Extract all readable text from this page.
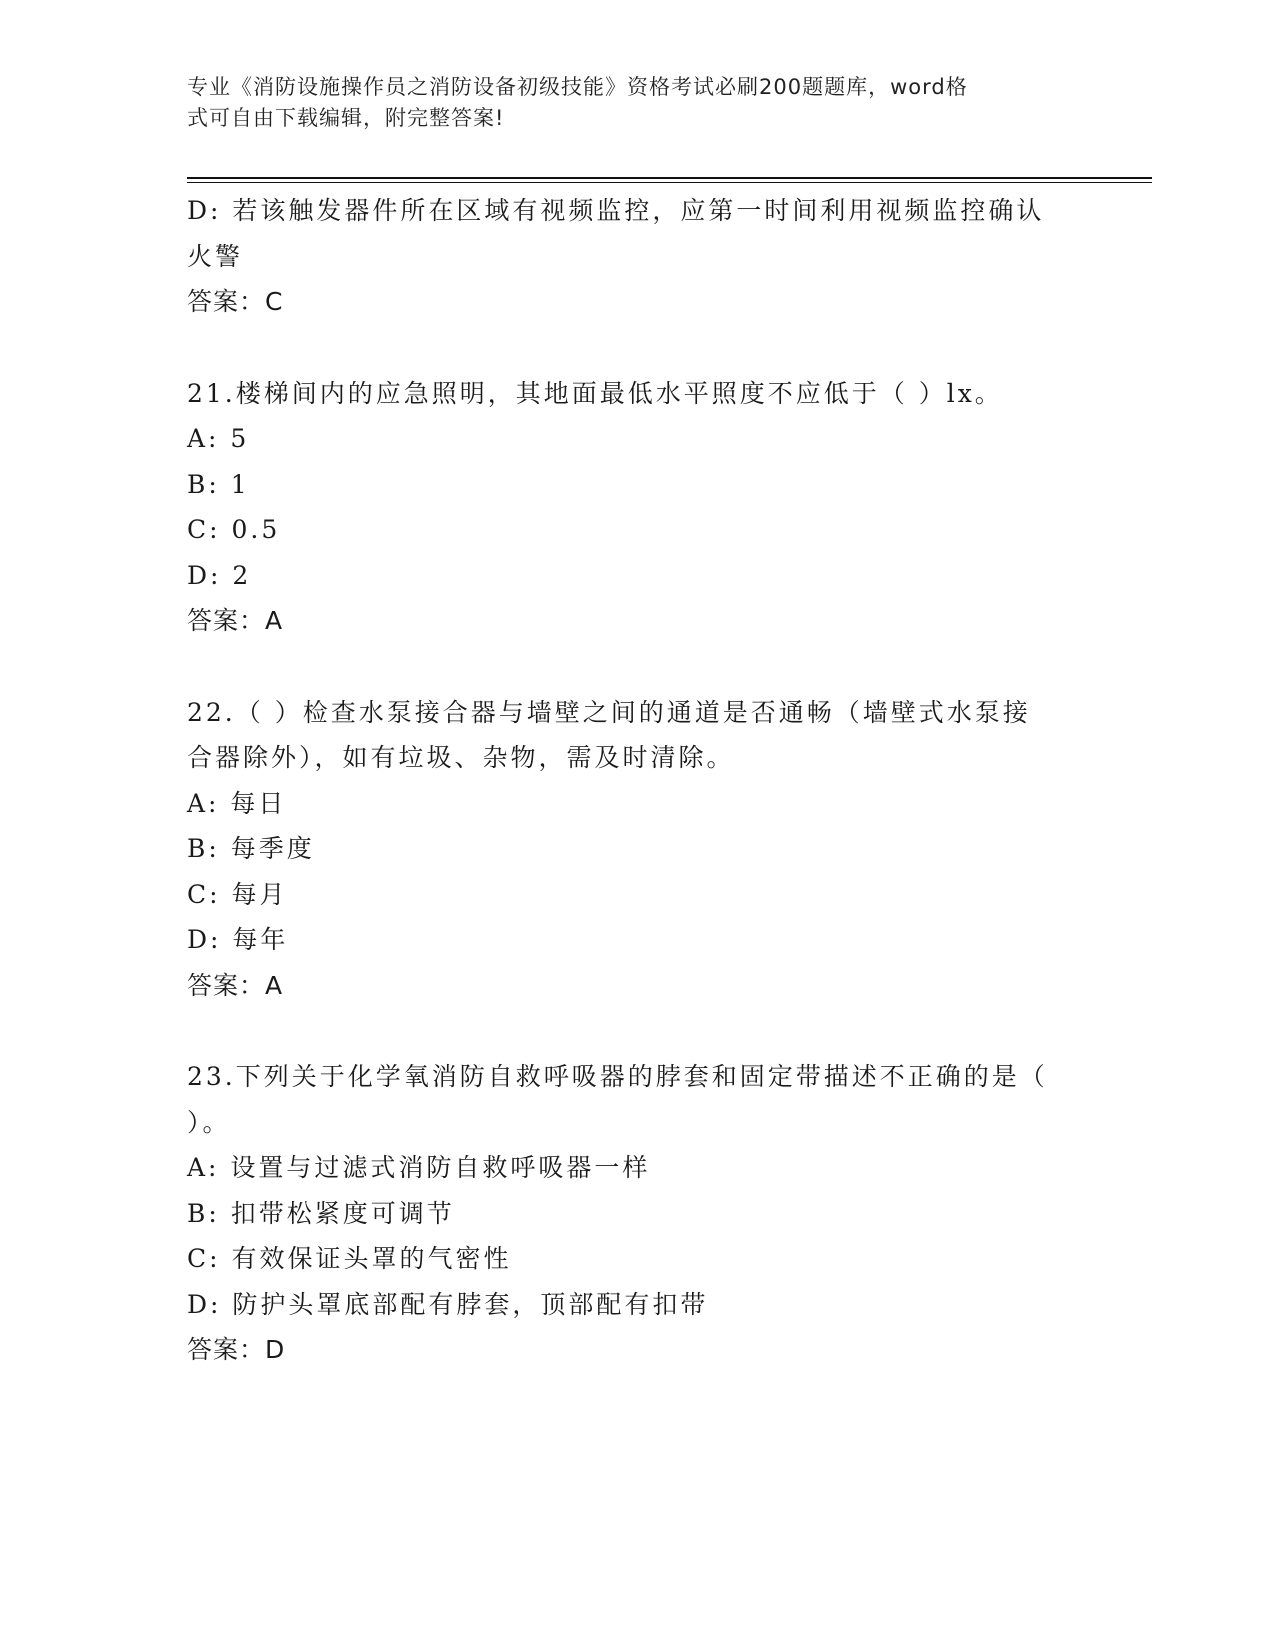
专业《消防设施操作员之消防设备初级技能》资格考试必刷200题题库，word格
式可自由下载编辑，附完整答案!
D: 若该触发器件所在区域有视频监控，应第一时间利用视频监控确认
火警
答案：C
21.楼梯间内的应急照明，其地面最低水平照度不应低于（ ）lx。
A: 5
B: 1
C: 0.5
D: 2
答案：A
22.（ ）检查水泵接合器与墙壁之间的通道是否通畅（墙壁式水泵接
合器除外），如有垃圾、杂物，需及时清除。
A: 每日
B: 每季度
C: 每月
D: 每年
答案：A
23.下列关于化学氧消防自救呼吸器的脖套和固定带描述不正确的是（
）。
A: 设置与过滤式消防自救呼吸器一样
B: 扣带松紧度可调节
C: 有效保证头罩的气密性
D: 防护头罩底部配有脖套，顶部配有扣带
答案：D
